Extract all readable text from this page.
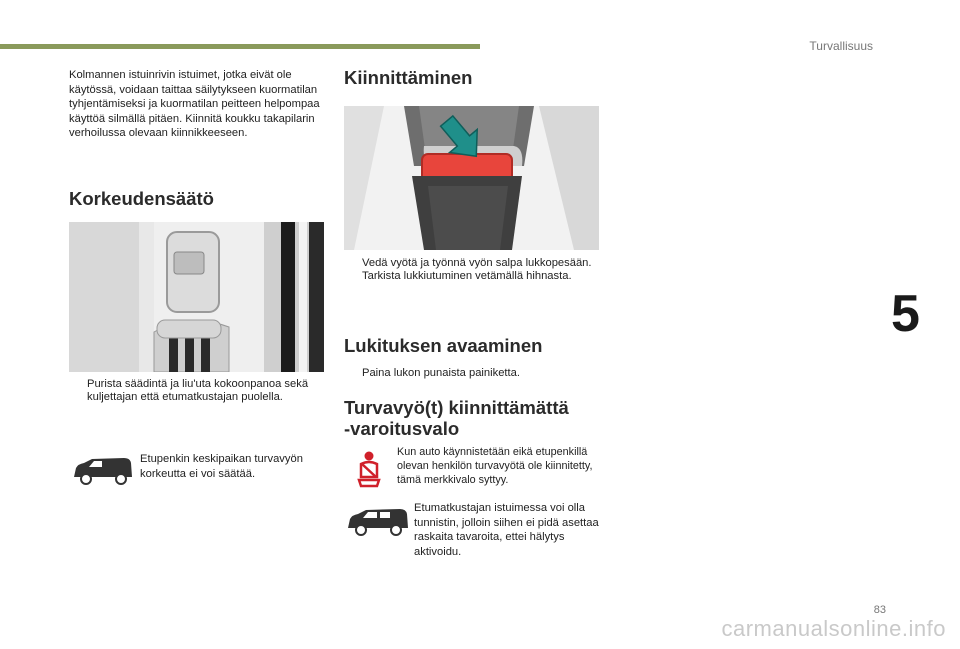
Turvallisuus
5
Kolmannen istuinrivin istuimet, jotka eivät ole käytössä, voidaan taittaa säilytykseen kuormatilan tyhjentämiseksi ja kuormatilan peitteen helpompaa käyttöä silmällä pitäen. Kiinnitä koukku takapilarin verhoilussa olevaan kiinnikkeeseen.
Korkeudensäätö
Purista säädintä ja liu'uta kokoonpanoa sekä kuljettajan että etumatkustajan puolella.
Etupenkin keskipaikan turvavyön korkeutta ei voi säätää.
Kiinnittäminen
Vedä vyötä ja työnnä vyön salpa lukkopesään.
Tarkista lukkiutuminen vetämällä hihnasta.
Lukituksen avaaminen
Paina lukon punaista painiketta.
Turvavyö(t) kiinnittämättä
-varoitusvalo
Kun auto käynnistetään eikä etupenkillä olevan henkilön turvavyötä ole kiinnitetty, tämä merkkivalo syttyy.
Etumatkustajan istuimessa voi olla tunnistin, jolloin siihen ei pidä asettaa raskaita tavaroita, ettei hälytys aktivoidu.
83
carmanualsonline.info
